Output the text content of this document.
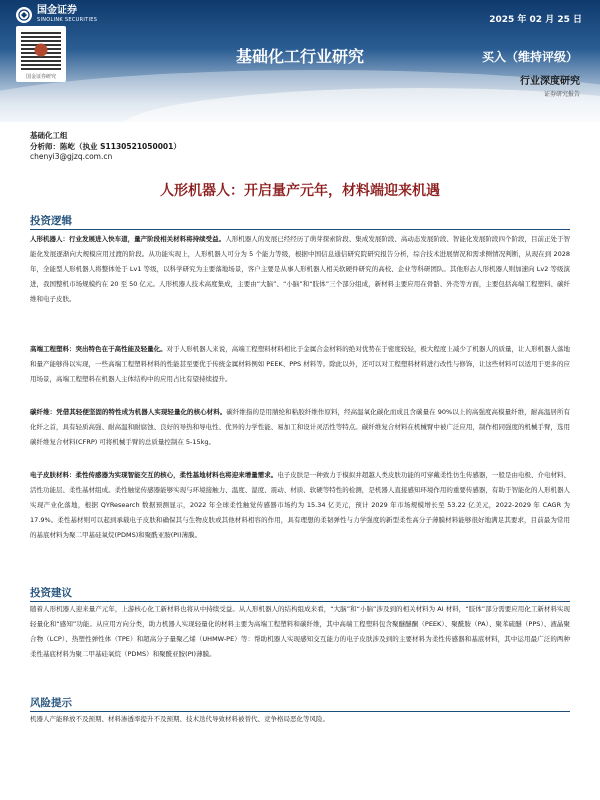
国金证券
SINOLINK SECURITIES
国金证券研究
2025 年 02 月 25 日
基础化工行业研究	买入（维持评级）
行业深度研究
证券研究报告
基础化工组
分析师：陈屹（执业 S1130521050001）
chenyi3@gjzq.com.cn
人形机器人：开启量产元年，材料端迎来机遇
投资逻辑

人形机器人：行业发展进入快车道，量产阶段相关材料将持续受益。人形机器人的发展已经经历了萌芽探索阶段、集成发展阶段、高动态发展阶段、智能化发展阶段四个阶段，目前正处于智能化发展逐渐向大规模应用过渡的阶段。从功能实现上，人形机器人可分为 5 个能力等级，根据中国信息通信研究院研究报告分析，综合技术进展情况和需求侧情况判断，从现在到 2028 年，全能型人形机器人将整体处于 Lv1 等级，以科学研究为主要落地场景，客户主要是从事人形机器人相关软硬件研究的高校、企业等科研团队。其他形态人形机器人则加速向 Lv2 等级演进，我国整机市场规模约在 20 至 50 亿元。人形机器人技术高度集成，主要由“大脑”、“小脑”和“肢体”三个部分组成，新材料主要应用在骨骼、外壳等方面，主要包括高端工程塑料、碳纤维和电子皮肤。

高端工程塑料：突出特色在于高性能及轻量化。对于人形机器人来说，高端工程塑料材料相比于金属合金材料的绝对优势在于密度较轻，极大程度上减少了机器人的质量，让人形机器人落地和量产能够得以实现，一些高端工程塑料材料的性能甚至要优于传统金属材料例如 PEEK、PPS 材料等。除此以外，还可以对工程塑料材料进行改性与修饰，让这些材料可以适用于更多的应用场景，高端工程塑料在机器人主体结构中的应用占比有望持续提升。

碳纤维：凭借其轻便坚固的特性成为机器人实现轻量化的核心材料。碳纤维指的是用腈纶和粘胶纤维作原料，经高温氧化碳化而成且含碳量在 90%以上的高强度高模量纤维，耐高温居所有化纤之首，具有轻质高强、耐高温和耐腐蚀、良好的导热和导电性、优异的力学性能、易加工和设计灵活性等特点。碳纤维复合材料在机械臂中被广泛应用，制作相同强度的机械手臂，选用碳纤维复合材料(CFRP) 可将机械手臂的总质量控制在 5-15kg。

电子皮肤材料：柔性传感器为实现智能交互的核心，柔性基地材料也将迎来增量需求。电子皮肤是一种致力于模拟并超越人类皮肤功能的可穿戴柔性仿生传感器，一般是由电极、介电材料、活性功能层、柔性基材组成。柔性触觉传感器能够实现与环境接触力、温度、湿度、震动、材质、软硬等特性的检测，是机器人直接感知环境作用的重要传感器，有助于智能化的人形机器人实现产业化落地，根据 QYResearch 数据预测显示，2022 年全球柔性触觉传感器市场约为 15.34 亿美元，预计 2029 年市场规模增长至 53.22 亿美元，2022-2029 年 CAGR 为 17.9%。柔性基材则可以起到承载电子皮肤和确保其与生物皮肤或其他材料相容的作用，具有理想的柔韧弹性与力学强度的新型柔性高分子薄膜材料能够很好地满足其要求，目前最为常用的基底材料为聚二甲基硅氧烷(PDMS)和聚酰亚胺(PI)薄膜。

投资建议

随着人形机器人迎来量产元年，上游核心化工新材料也将从中持续受益。从人形机器人的结构组成来看，“大脑”和“小脑”涉及到的相关材料为 AI 材料，“肢体”部分需要应用化工新材料实现轻量化和“感知”功能。从应用方向分类，助力机器人实现轻量化的材料主要为高端工程塑料和碳纤维，其中高端工程塑料包含聚醚醚酮（PEEK）、聚酰胺（PA）、聚苯硫醚（PPS）、液晶聚合物（LCP）、热塑性弹性体（TPE）和超高分子量聚乙烯（UHMW-PE）等：帮助机器人实现感知交互能力的电子皮肤涉及到的主要材料为柔性传感器和基底材料，其中运用最广泛的两种柔性基底材料为聚二甲基硅氧烷（PDMS）和聚酰亚胺(PI)薄膜。

风险提示

机器人产能释放不及预期、材料渗透率提升不及预期、技术迭代导致材料被替代、竞争格局恶化等风险。
